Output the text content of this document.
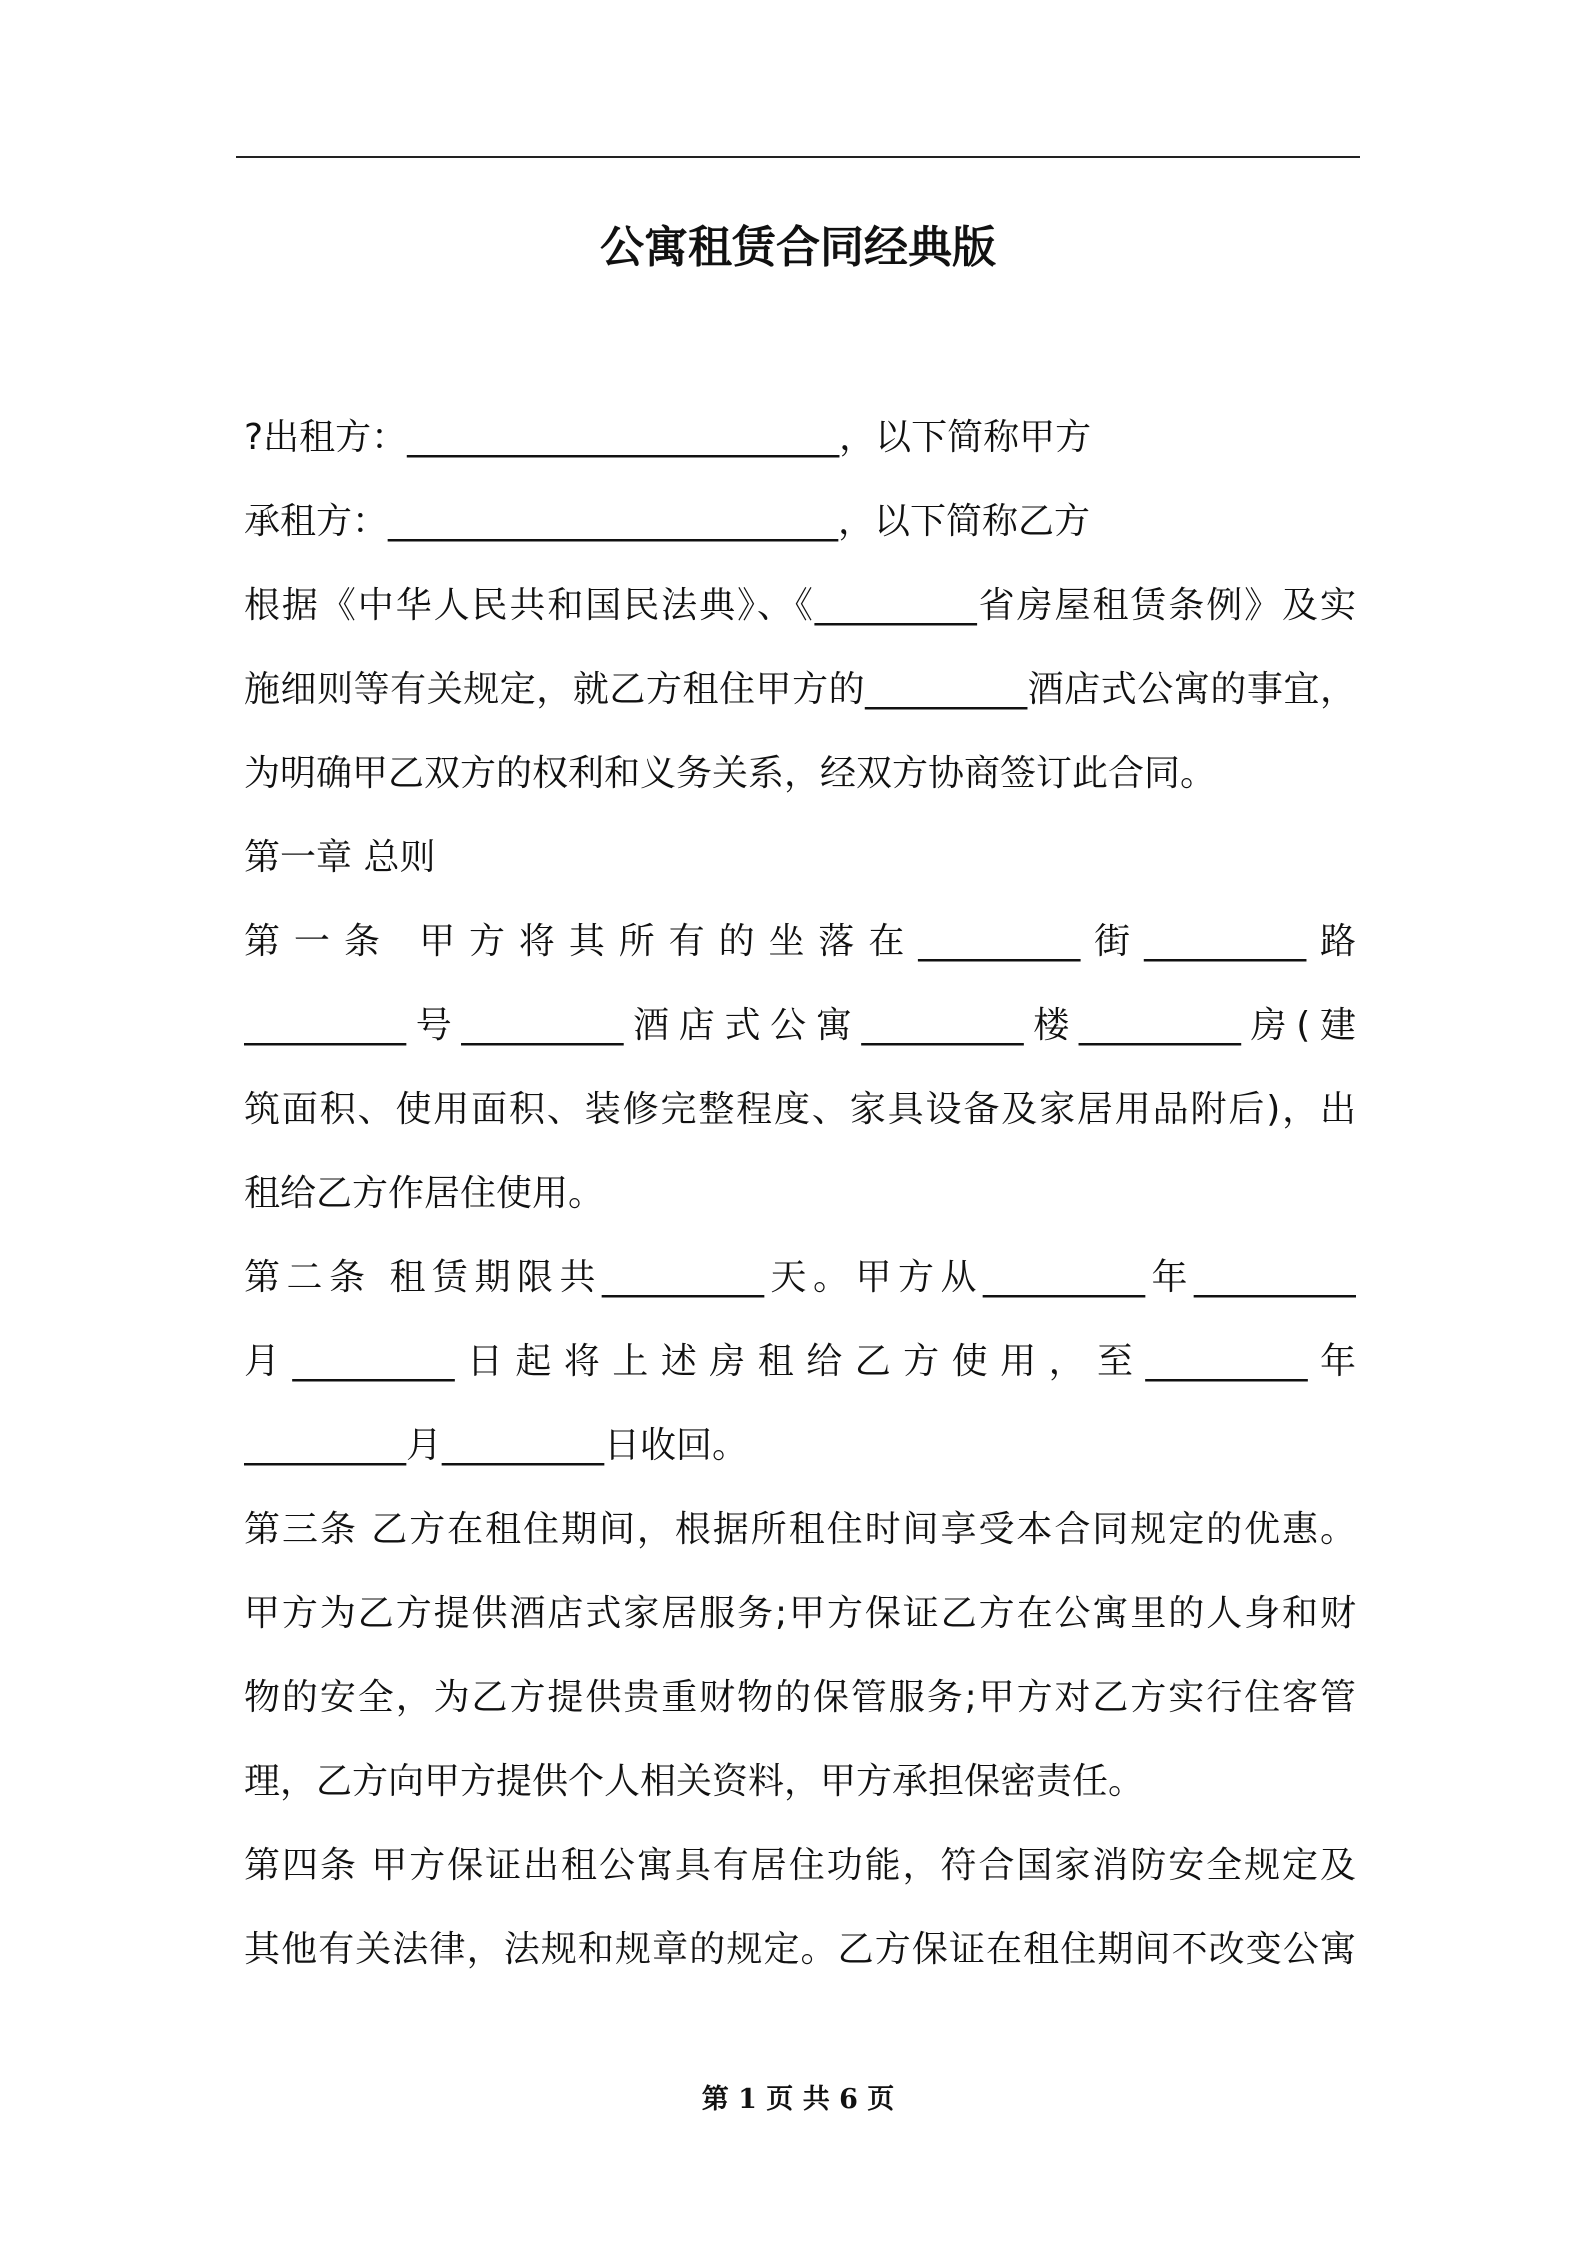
公寓租赁合同经典版
?出租方：________________________，以下简称甲方
承租方：_________________________，以下简称乙方
根据《中华人民共和国民法典》、《_________省房屋租赁条例》及实
施细则等有关规定，就乙方租住甲方的_________酒店式公寓的事宜，
为明确甲乙双方的权利和义务关系，经双方协商签订此合同。
第一章 总则
第一条 甲方将其所有的坐落在_________街_________路
_________号_________酒店式公寓_________楼_________房(建
筑面积、使用面积、装修完整程度、家具设备及家居用品附后)，出
租给乙方作居住使用。
第二条 租赁期限共_________天。甲方从_________年_________
月_________日起将上述房租给乙方使用，至_________年
_________月_________日收回。
第三条 乙方在租住期间，根据所租住时间享受本合同规定的优惠。
甲方为乙方提供酒店式家居服务;甲方保证乙方在公寓里的人身和财
物的安全，为乙方提供贵重财物的保管服务;甲方对乙方实行住客管
理，乙方向甲方提供个人相关资料，甲方承担保密责任。
第四条 甲方保证出租公寓具有居住功能，符合国家消防安全规定及
其他有关法律，法规和规章的规定。乙方保证在租住期间不改变公寓
第 1 页 共 6 页
